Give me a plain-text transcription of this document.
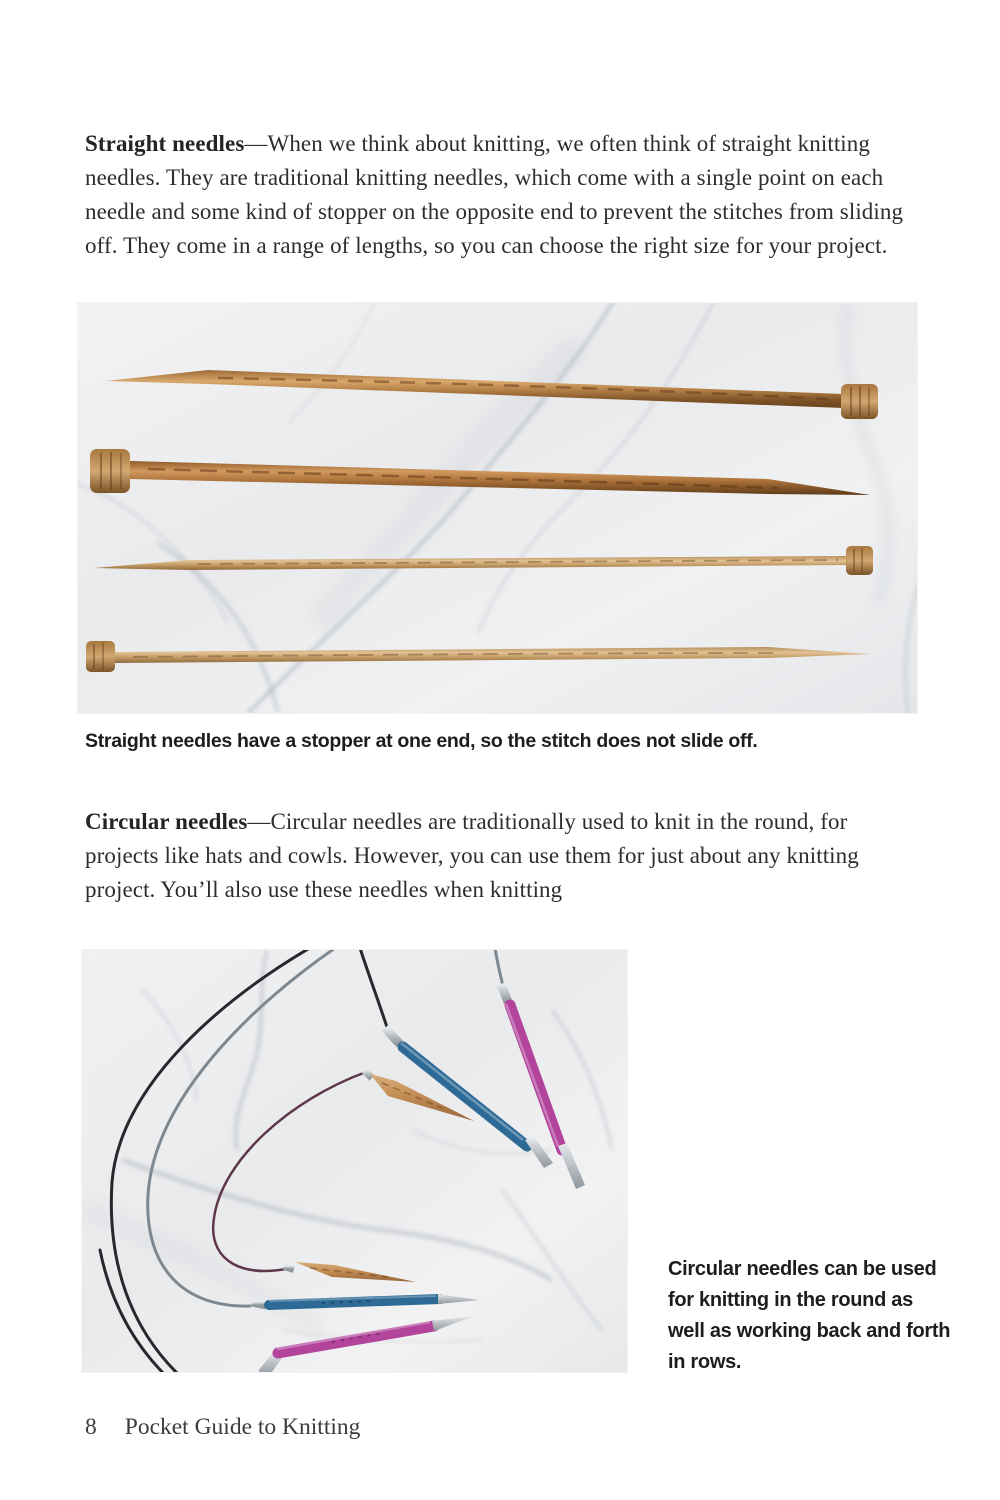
Straight needles—When we think about knitting, we often think of straight knitting needles. They are traditional knitting needles, which come with a single point on each needle and some kind of stopper on the opposite end to prevent the stitches from sliding off. They come in a range of lengths, so you can choose the right size for your project.

Straight needles have a stopper at one end, so the stitch does not slide off.

Circular needles—Circular needles are traditionally used to knit in the round, for projects like hats and cowls. However, you can use them for just about any knitting project. You’ll also use these needles when knitting

Circular needles can be used
for knitting in the round as
well as working back and forth
in rows.
8 Pocket Guide to Knitting
